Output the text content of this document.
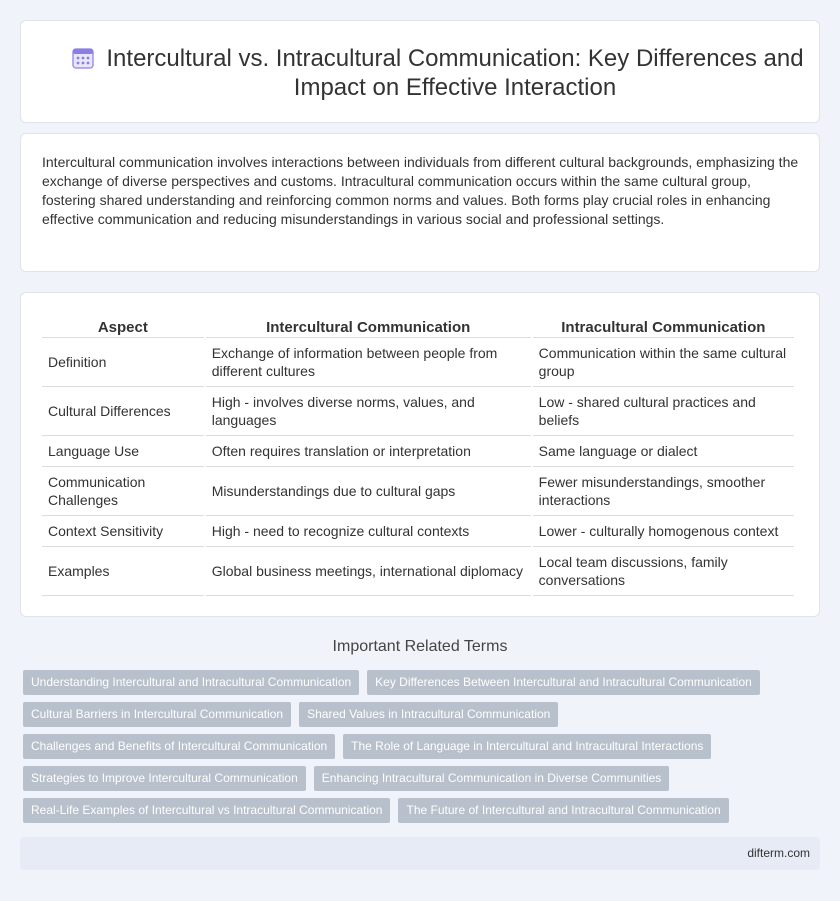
Intercultural vs. Intracultural Communication: Key Differences and Impact on Effective Interaction

Intercultural communication involves interactions between individuals from different cultural backgrounds, emphasizing the exchange of diverse perspectives and customs. Intracultural communication occurs within the same cultural group, fostering shared understanding and reinforcing common norms and values. Both forms play crucial roles in enhancing effective communication and reducing misunderstandings in various social and professional settings.

Aspect	Intercultural Communication	Intracultural Communication
Definition	Exchange of information between people from different cultures	Communication within the same cultural group
Cultural Differences	High - involves diverse norms, values, and languages	Low - shared cultural practices and beliefs
Language Use	Often requires translation or interpretation	Same language or dialect
Communication Challenges	Misunderstandings due to cultural gaps	Fewer misunderstandings, smoother interactions
Context Sensitivity	High - need to recognize cultural contexts	Lower - culturally homogenous context
Examples	Global business meetings, international diplomacy	Local team discussions, family conversations
Important Related Terms
Understanding Intercultural and Intracultural Communication	Key Differences Between Intercultural and Intracultural Communication
Cultural Barriers in Intercultural Communication	Shared Values in Intracultural Communication
Challenges and Benefits of Intercultural Communication	The Role of Language in Intercultural and Intracultural Interactions
Strategies to Improve Intercultural Communication	Enhancing Intracultural Communication in Diverse Communities
Real-Life Examples of Intercultural vs Intracultural Communication	The Future of Intercultural and Intracultural Communication
difterm.com
